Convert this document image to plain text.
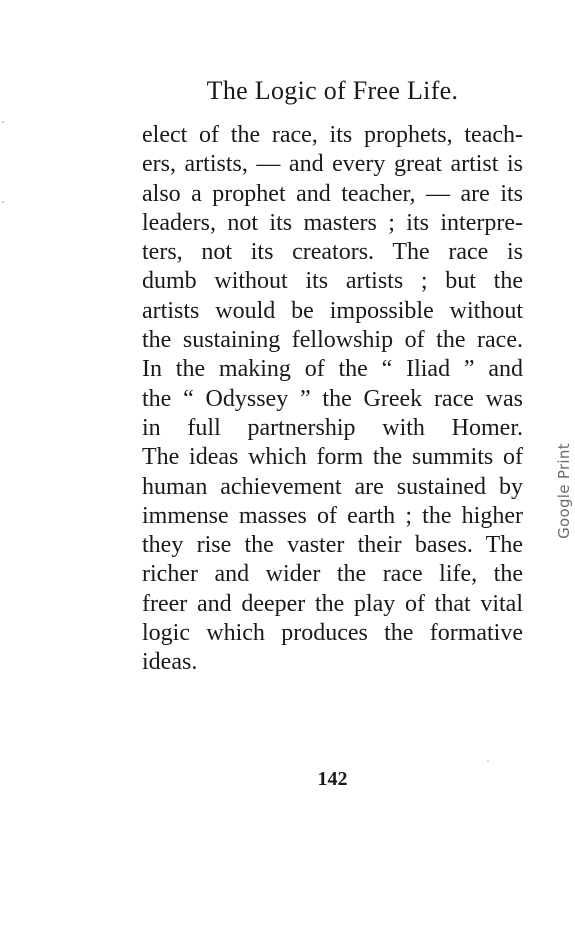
The Logic of Free Life.
elect of the race, its prophets, teach-
ers, artists, — and every great artist is
also a prophet and teacher, — are its
leaders, not its masters ; its interpre-
ters, not its creators. The race is
dumb without its artists ; but the
artists would be impossible without
the sustaining fellowship of the race.
In the making of the “ Iliad ” and
the “ Odyssey ” the Greek race was
in full partnership with Homer.
The ideas which form the summits of
human achievement are sustained by
immense masses of earth ; the higher
they rise the vaster their bases. The
richer and wider the race life, the
freer and deeper the play of that vital
logic which produces the formative
ideas.
142
Google Print
